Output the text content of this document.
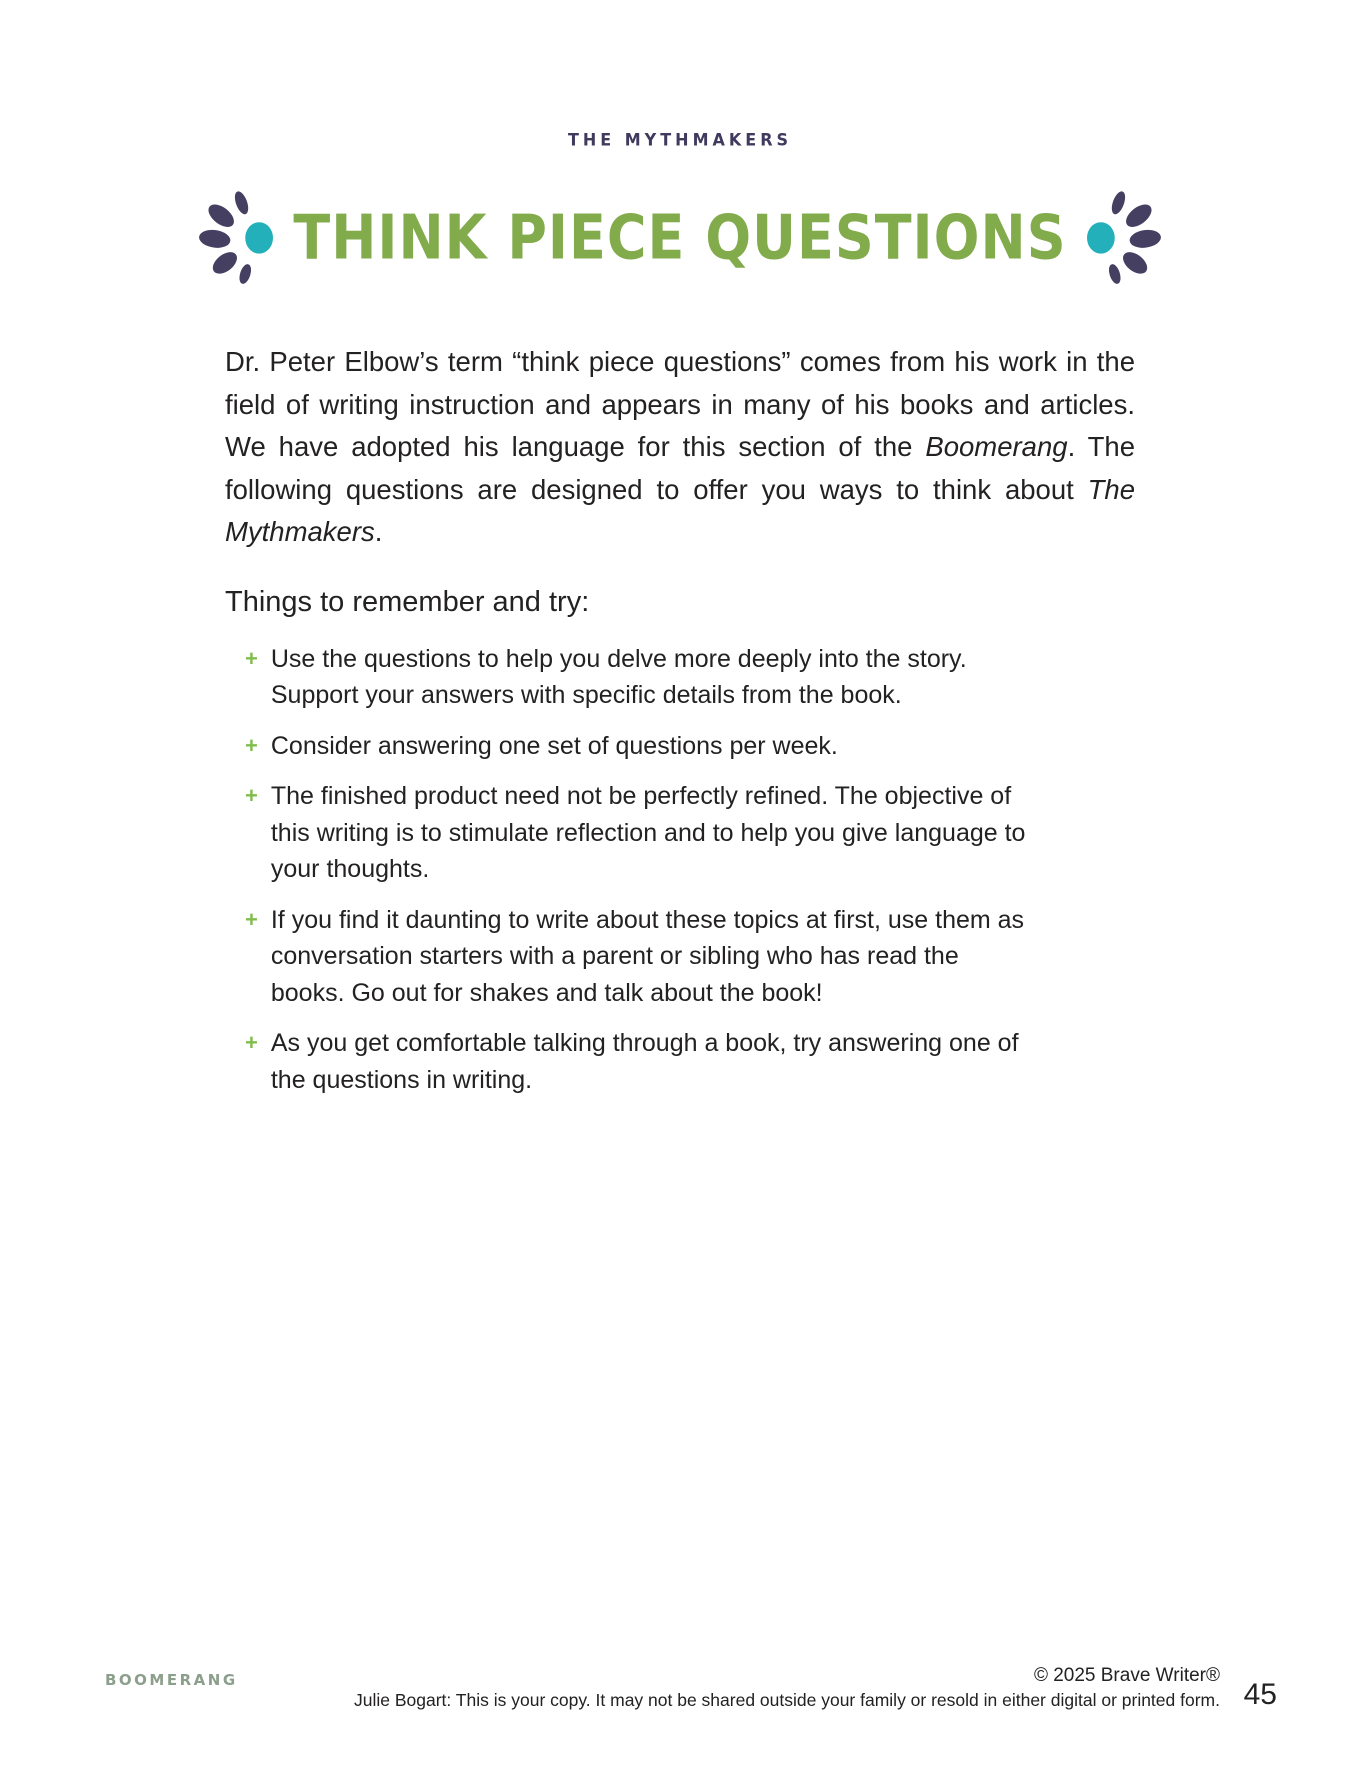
THE MYTHMAKERS
THINK PIECE QUESTIONS

Dr. Peter Elbow’s term “think piece questions” comes from his work in the field of writing instruction and appears in many of his books and articles. We have adopted his language for this section of the Boomerang. The following questions are designed to offer you ways to think about The Mythmakers.

Things to remember and try:
+ Use the questions to help you delve more deeply into the story. Support your answers with specific details from the book.
+ Consider answering one set of questions per week.
+ The finished product need not be perfectly refined. The objective of this writing is to stimulate reflection and to help you give language to your thoughts.
+ If you find it daunting to write about these topics at first, use them as conversation starters with a parent or sibling who has read the books. Go out for shakes and talk about the book!
+ As you get comfortable talking through a book, try answering one of the questions in writing.
BOOMERANG	© 2025 Brave Writer®
Julie Bogart: This is your copy. It may not be shared outside your family or resold in either digital or printed form. 45
